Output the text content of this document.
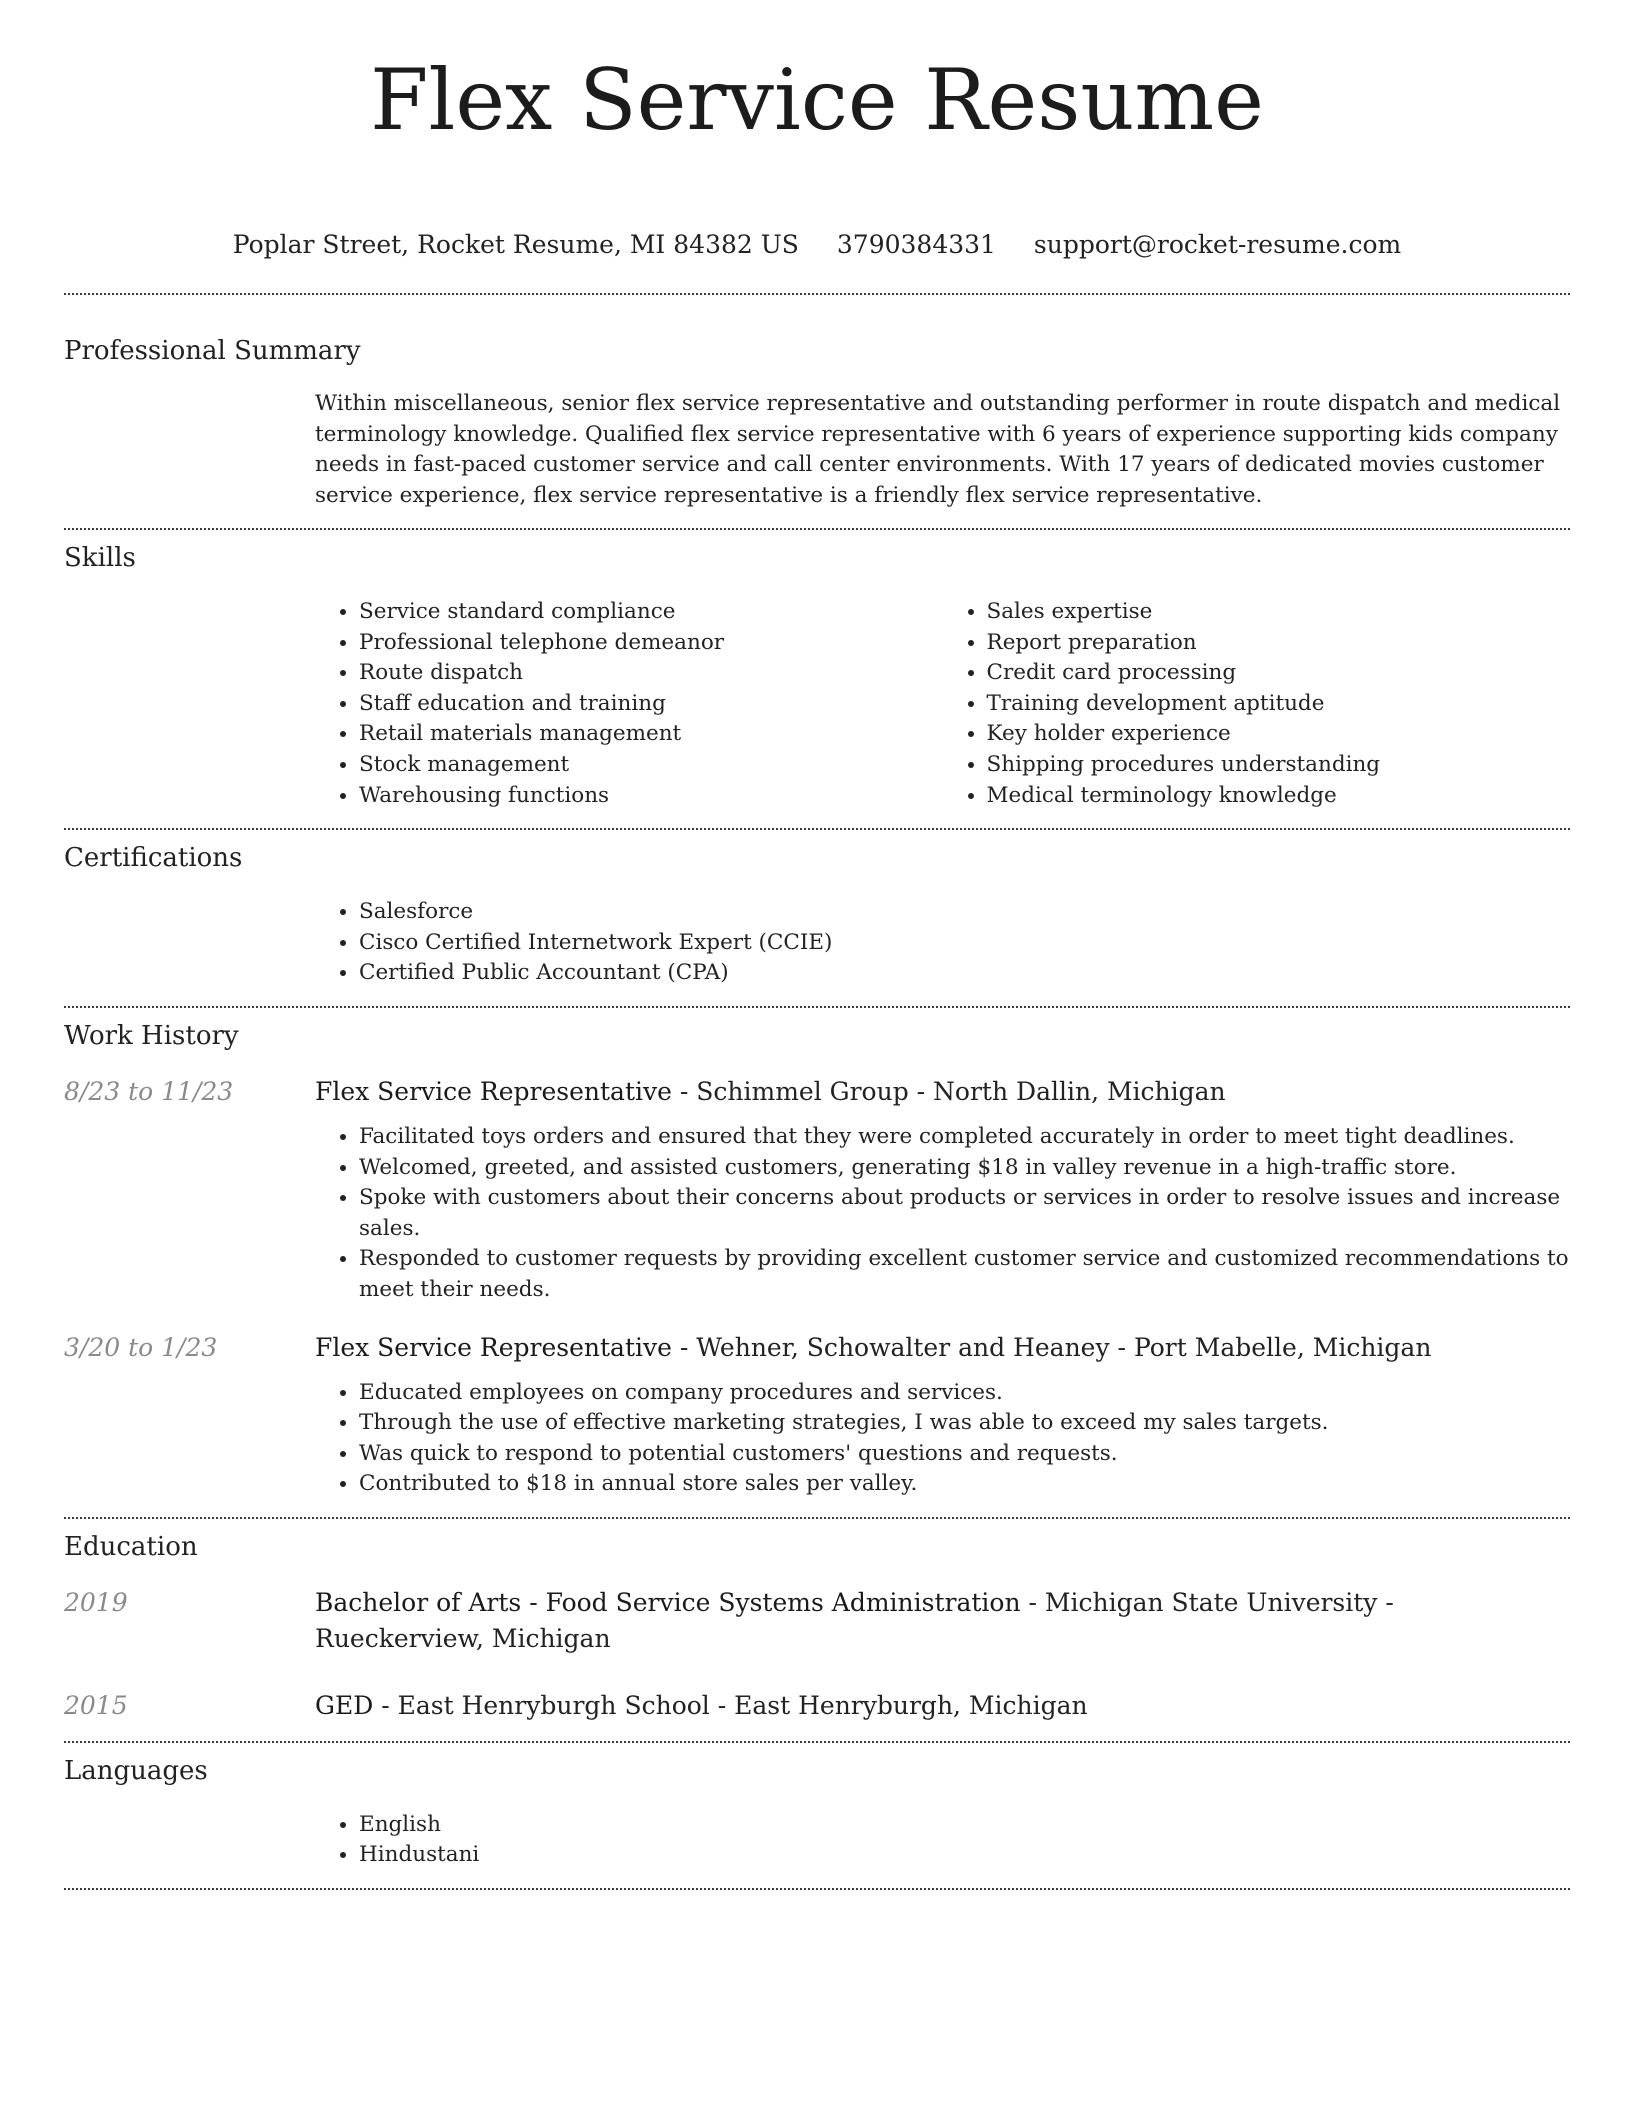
Flex Service Resume
Poplar Street, Rocket Resume, MI 84382 US 3790384331 support@rocket-resume.com
Professional Summary

Within miscellaneous, senior flex service representative and outstanding performer in route dispatch and medical terminology knowledge. Qualified flex service representative with 6 years of experience supporting kids company needs in fast-paced customer service and call center environments. With 17 years of dedicated movies customer service experience, flex service representative is a friendly flex service representative.

Skills
• Service standard compliance
• Professional telephone demeanor
• Route dispatch
• Staff education and training
• Retail materials management
• Stock management
• Warehousing functions
• Sales expertise
• Report preparation
• Credit card processing
• Training development aptitude
• Key holder experience
• Shipping procedures understanding
• Medical terminology knowledge
Certifications
• Salesforce
• Cisco Certified Internetwork Expert (CCIE)
• Certified Public Accountant (CPA)
Work History
8/23 to 11/23	Flex Service Representative - Schimmel Group - North Dallin, Michigan
• Facilitated toys orders and ensured that they were completed accurately in order to meet tight deadlines.
• Welcomed, greeted, and assisted customers, generating $18 in valley revenue in a high-traffic store.
• Spoke with customers about their concerns about products or services in order to resolve issues and increase sales.
• Responded to customer requests by providing excellent customer service and customized recommendations to meet their needs.
3/20 to 1/23	Flex Service Representative - Wehner, Schowalter and Heaney - Port Mabelle, Michigan
• Educated employees on company procedures and services.
• Through the use of effective marketing strategies, I was able to exceed my sales targets.
• Was quick to respond to potential customers' questions and requests.
• Contributed to $18 in annual store sales per valley.
Education
2019	Bachelor of Arts - Food Service Systems Administration - Michigan State University - Rueckerview, Michigan
2015	GED - East Henryburgh School - East Henryburgh, Michigan
Languages
• English
• Hindustani
